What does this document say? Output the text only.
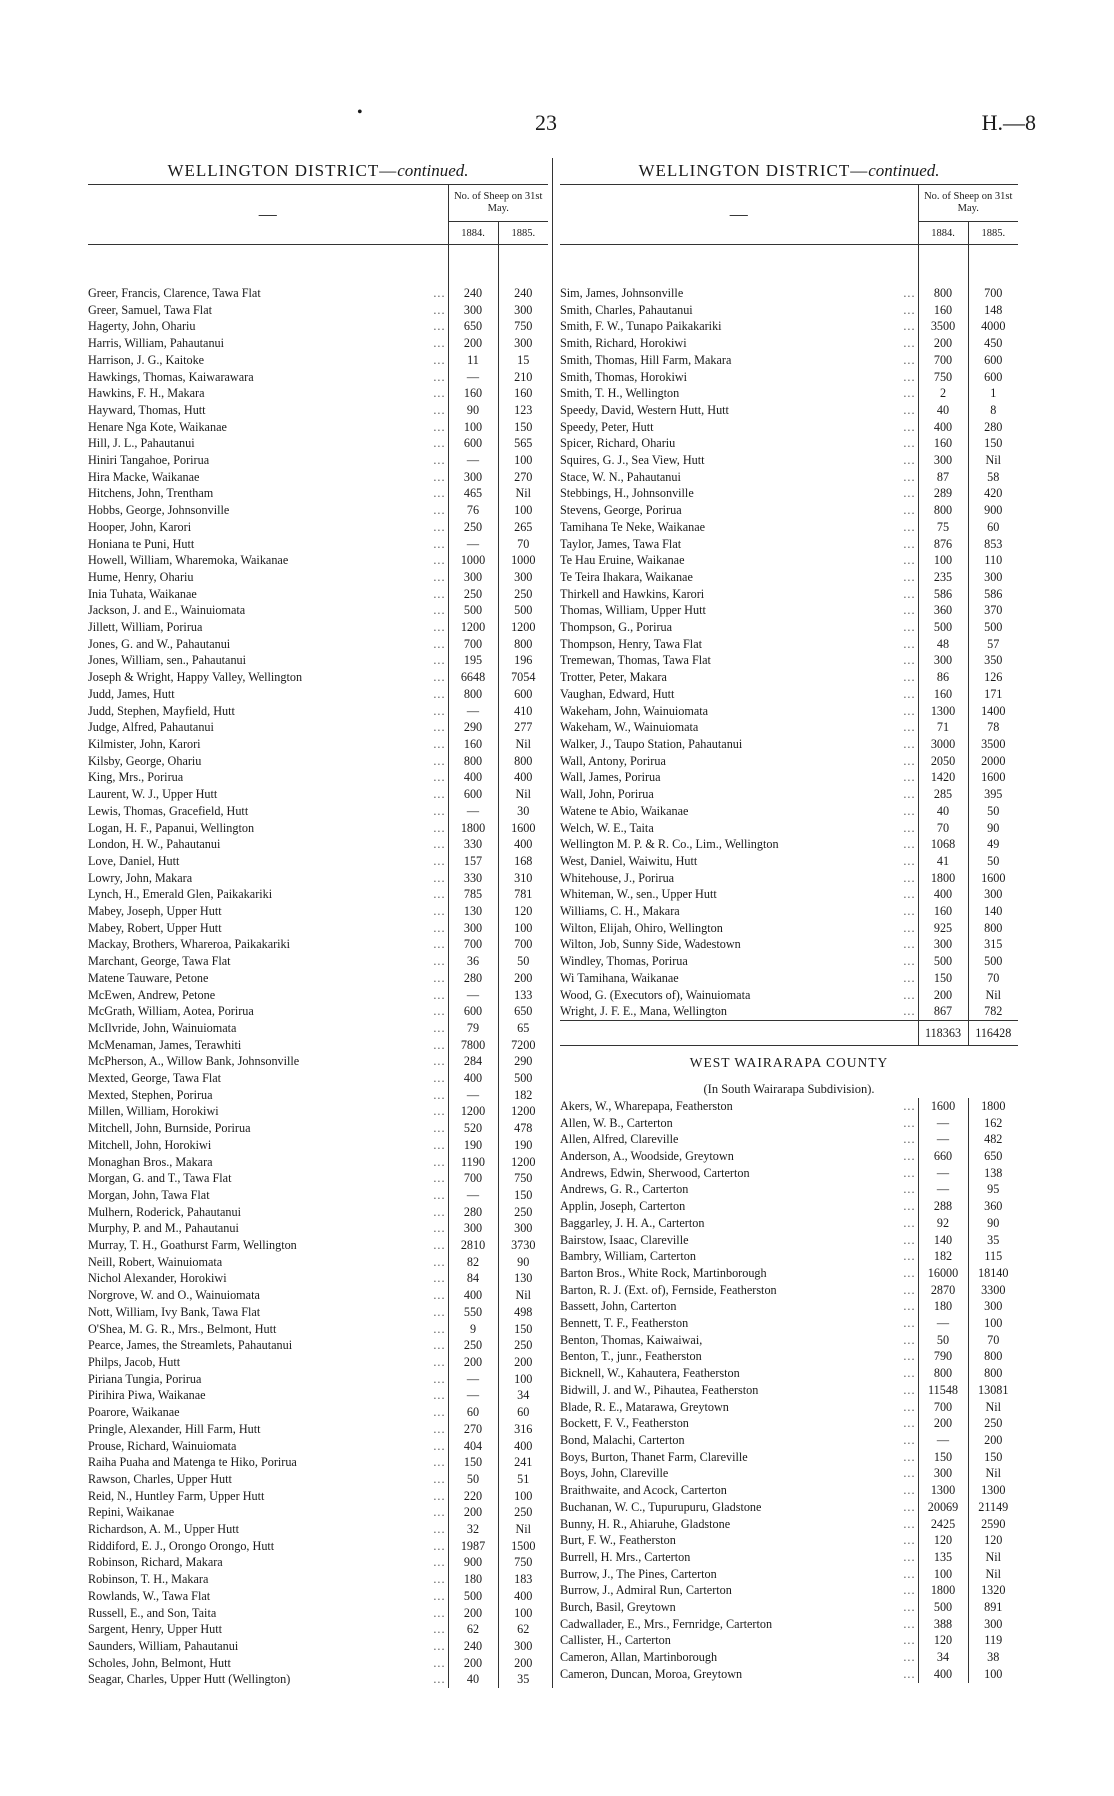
•	23	H.—8
WELLINGTON DISTRICT—continued.
—	No. of Sheep on 31st May.	
	1884.	1885.

...
Greer, Francis, Clarence, Tawa Flat	240	240

...
Greer, Samuel, Tawa Flat	300	300

...
Hagerty, John, Ohariu	650	750

...
Harris, William, Pahautanui	200	300

...
Harrison, J. G., Kaitoke	11	15

...
Hawkings, Thomas, Kaiwarawara	—	210

...
Hawkins, F. H., Makara	160	160

...
Hayward, Thomas, Hutt	90	123

...
Henare Nga Kote, Waikanae	100	150

...
Hill, J. L., Pahautanui	600	565

...
Hiniri Tangahoe, Porirua	—	100

...
Hira Macke, Waikanae	300	270

...
Hitchens, John, Trentham	465	Nil

...
Hobbs, George, Johnsonville	76	100

...
Hooper, John, Karori	250	265

...
Honiana te Puni, Hutt	—	70

...
Howell, William, Wharemoka, Waikanae	1000	1000

...
Hume, Henry, Ohariu	300	300

...
Inia Tuhata, Waikanae	250	250

...
Jackson, J. and E., Wainuiomata	500	500

...
Jillett, William, Porirua	1200	1200

...
Jones, G. and W., Pahautanui	700	800

...
Jones, William, sen., Pahautanui	195	196

...
Joseph & Wright, Happy Valley, Wellington	6648	7054

...
Judd, James, Hutt	800	600

...
Judd, Stephen, Mayfield, Hutt	—	410

...
Judge, Alfred, Pahautanui	290	277

...
Kilmister, John, Karori	160	Nil

...
Kilsby, George, Ohariu	800	800

...
King, Mrs., Porirua	400	400

...
Laurent, W. J., Upper Hutt	600	Nil

...
Lewis, Thomas, Gracefield, Hutt	—	30

...
Logan, H. F., Papanui, Wellington	1800	1600

...
London, H. W., Pahautanui	330	400

...
Love, Daniel, Hutt	157	168

...
Lowry, John, Makara	330	310

...
Lynch, H., Emerald Glen, Paikakariki	785	781

...
Mabey, Joseph, Upper Hutt	130	120

...
Mabey, Robert, Upper Hutt	300	100

...
Mackay, Brothers, Whareroa, Paikakariki	700	700

...
Marchant, George, Tawa Flat	36	50

...
Matene Tauware, Petone	280	200

...
McEwen, Andrew, Petone	—	133

...
McGrath, William, Aotea, Porirua	600	650

...
McIlvride, John, Wainuiomata	79	65

...
McMenaman, James, Terawhiti	7800	7200

...
McPherson, A., Willow Bank, Johnsonville	284	290

...
Mexted, George, Tawa Flat	400	500

...
Mexted, Stephen, Porirua	—	182

...
Millen, William, Horokiwi	1200	1200

...
Mitchell, John, Burnside, Porirua	520	478

...
Mitchell, John, Horokiwi	190	190

...
Monaghan Bros., Makara	1190	1200

...
Morgan, G. and T., Tawa Flat	700	750

...
Morgan, John, Tawa Flat	—	150

...
Mulhern, Roderick, Pahautanui	280	250

...
Murphy, P. and M., Pahautanui	300	300

...
Murray, T. H., Goathurst Farm, Wellington	2810	3730

...
Neill, Robert, Wainuiomata	82	90

...
Nichol Alexander, Horokiwi	84	130

...
Norgrove, W. and O., Wainuiomata	400	Nil

...
Nott, William, Ivy Bank, Tawa Flat	550	498

...
O'Shea, M. G. R., Mrs., Belmont, Hutt	9	150

...
Pearce, James, the Streamlets, Pahautanui	250	250

...
Philps, Jacob, Hutt	200	200

...
Piriana Tungia, Porirua	—	100

...
Pirihira Piwa, Waikanae	—	34

...
Poarore, Waikanae	60	60

...
Pringle, Alexander, Hill Farm, Hutt	270	316

...
Prouse, Richard, Wainuiomata	404	400

...
Raiha Puaha and Matenga te Hiko, Porirua	150	241

...
Rawson, Charles, Upper Hutt	50	51

...
Reid, N., Huntley Farm, Upper Hutt	220	100

...
Repini, Waikanae	200	250

...
Richardson, A. M., Upper Hutt	32	Nil

...
Riddiford, E. J., Orongo Orongo, Hutt	1987	1500

...
Robinson, Richard, Makara	900	750

...
Robinson, T. H., Makara	180	183

...
Rowlands, W., Tawa Flat	500	400

...
Russell, E., and Son, Taita	200	100

...
Sargent, Henry, Upper Hutt	62	62

...
Saunders, William, Pahautanui	240	300

...
Scholes, John, Belmont, Hutt	200	200

...
Seagar, Charles, Upper Hutt (Wellington)	40	35
WELLINGTON DISTRICT—continued.
—	No. of Sheep on 31st May.	
	1884.	1885.

...
Sim, James, Johnsonville	800	700

...
Smith, Charles, Pahautanui	160	148

...
Smith, F. W., Tunapo Paikakariki	3500	4000

...
Smith, Richard, Horokiwi	200	450

...
Smith, Thomas, Hill Farm, Makara	700	600

...
Smith, Thomas, Horokiwi	750	600

...
Smith, T. H., Wellington	2	1

...
Speedy, David, Western Hutt, Hutt	40	8

...
Speedy, Peter, Hutt	400	280

...
Spicer, Richard, Ohariu	160	150

...
Squires, G. J., Sea View, Hutt	300	Nil

...
Stace, W. N., Pahautanui	87	58

...
Stebbings, H., Johnsonville	289	420

...
Stevens, George, Porirua	800	900

...
Tamihana Te Neke, Waikanae	75	60

...
Taylor, James, Tawa Flat	876	853

...
Te Hau Eruine, Waikanae	100	110

...
Te Teira Ihakara, Waikanae	235	300

...
Thirkell and Hawkins, Karori	586	586

...
Thomas, William, Upper Hutt	360	370

...
Thompson, G., Porirua	500	500

...
Thompson, Henry, Tawa Flat	48	57

...
Tremewan, Thomas, Tawa Flat	300	350

...
Trotter, Peter, Makara	86	126

...
Vaughan, Edward, Hutt	160	171

...
Wakeham, John, Wainuiomata	1300	1400

...
Wakeham, W., Wainuiomata	71	78

...
Walker, J., Taupo Station, Pahautanui	3000	3500

...
Wall, Antony, Porirua	2050	2000

...
Wall, James, Porirua	1420	1600

...
Wall, John, Porirua	285	395

...
Watene te Abio, Waikanae	40	50

...
Welch, W. E., Taita	70	90

...
Wellington M. P. & R. Co., Lim., Wellington	1068	49

...
West, Daniel, Waiwitu, Hutt	41	50

...
Whitehouse, J., Porirua	1800	1600

...
Whiteman, W., sen., Upper Hutt	400	300

...
Williams, C. H., Makara	160	140

...
Wilton, Elijah, Ohiro, Wellington	925	800

...
Wilton, Job, Sunny Side, Wadestown	300	315

...
Windley, Thomas, Porirua	500	500

...
Wi Tamihana, Waikanae	150	70

...
Wood, G. (Executors of), Wainuiomata	200	Nil

...
Wright, J. F. E., Mana, Wellington	867	782
	118363	116428
WEST WAIRARAPA COUNTY		
(In South Wairarapa Subdivision).		

...
Akers, W., Wharepapa, Featherston	1600	1800

...
Allen, W. B., Carterton	—	162

...
Allen, Alfred, Clareville	—	482

...
Anderson, A., Woodside, Greytown	660	650

...
Andrews, Edwin, Sherwood, Carterton	—	138

...
Andrews, G. R., Carterton	—	95

...
Applin, Joseph, Carterton	288	360

...
Baggarley, J. H. A., Carterton	92	90

...
Bairstow, Isaac, Clareville	140	35

...
Bambry, William, Carterton	182	115

...
Barton Bros., White Rock, Martinborough	16000	18140

...
Barton, R. J. (Ext. of), Fernside, Featherston	2870	3300

...
Bassett, John, Carterton	180	300

...
Bennett, T. F., Featherston	—	100

...
Benton, Thomas, Kaiwaiwai,	50	70

...
Benton, T., junr., Featherston	790	800

...
Bicknell, W., Kahautera, Featherston	800	800

...
Bidwill, J. and W., Pihautea, Featherston	11548	13081

...
Blade, R. E., Matarawa, Greytown	700	Nil

...
Bockett, F. V., Featherston	200	250

...
Bond, Malachi, Carterton	—	200

...
Boys, Burton, Thanet Farm, Clareville	150	150

...
Boys, John, Clareville	300	Nil

...
Braithwaite, and Acock, Carterton	1300	1300

...
Buchanan, W. C., Tupurupuru, Gladstone	20069	21149

...
Bunny, H. R., Ahiaruhe, Gladstone	2425	2590

...
Burt, F. W., Featherston	120	120

...
Burrell, H. Mrs., Carterton	135	Nil

...
Burrow, J., The Pines, Carterton	100	Nil

...
Burrow, J., Admiral Run, Carterton	1800	1320

...
Burch, Basil, Greytown	500	891

...
Cadwallader, E., Mrs., Fernridge, Carterton	388	300

...
Callister, H., Carterton	120	119

...
Cameron, Allan, Martinborough	34	38

...
Cameron, Duncan, Moroa, Greytown	400	100
